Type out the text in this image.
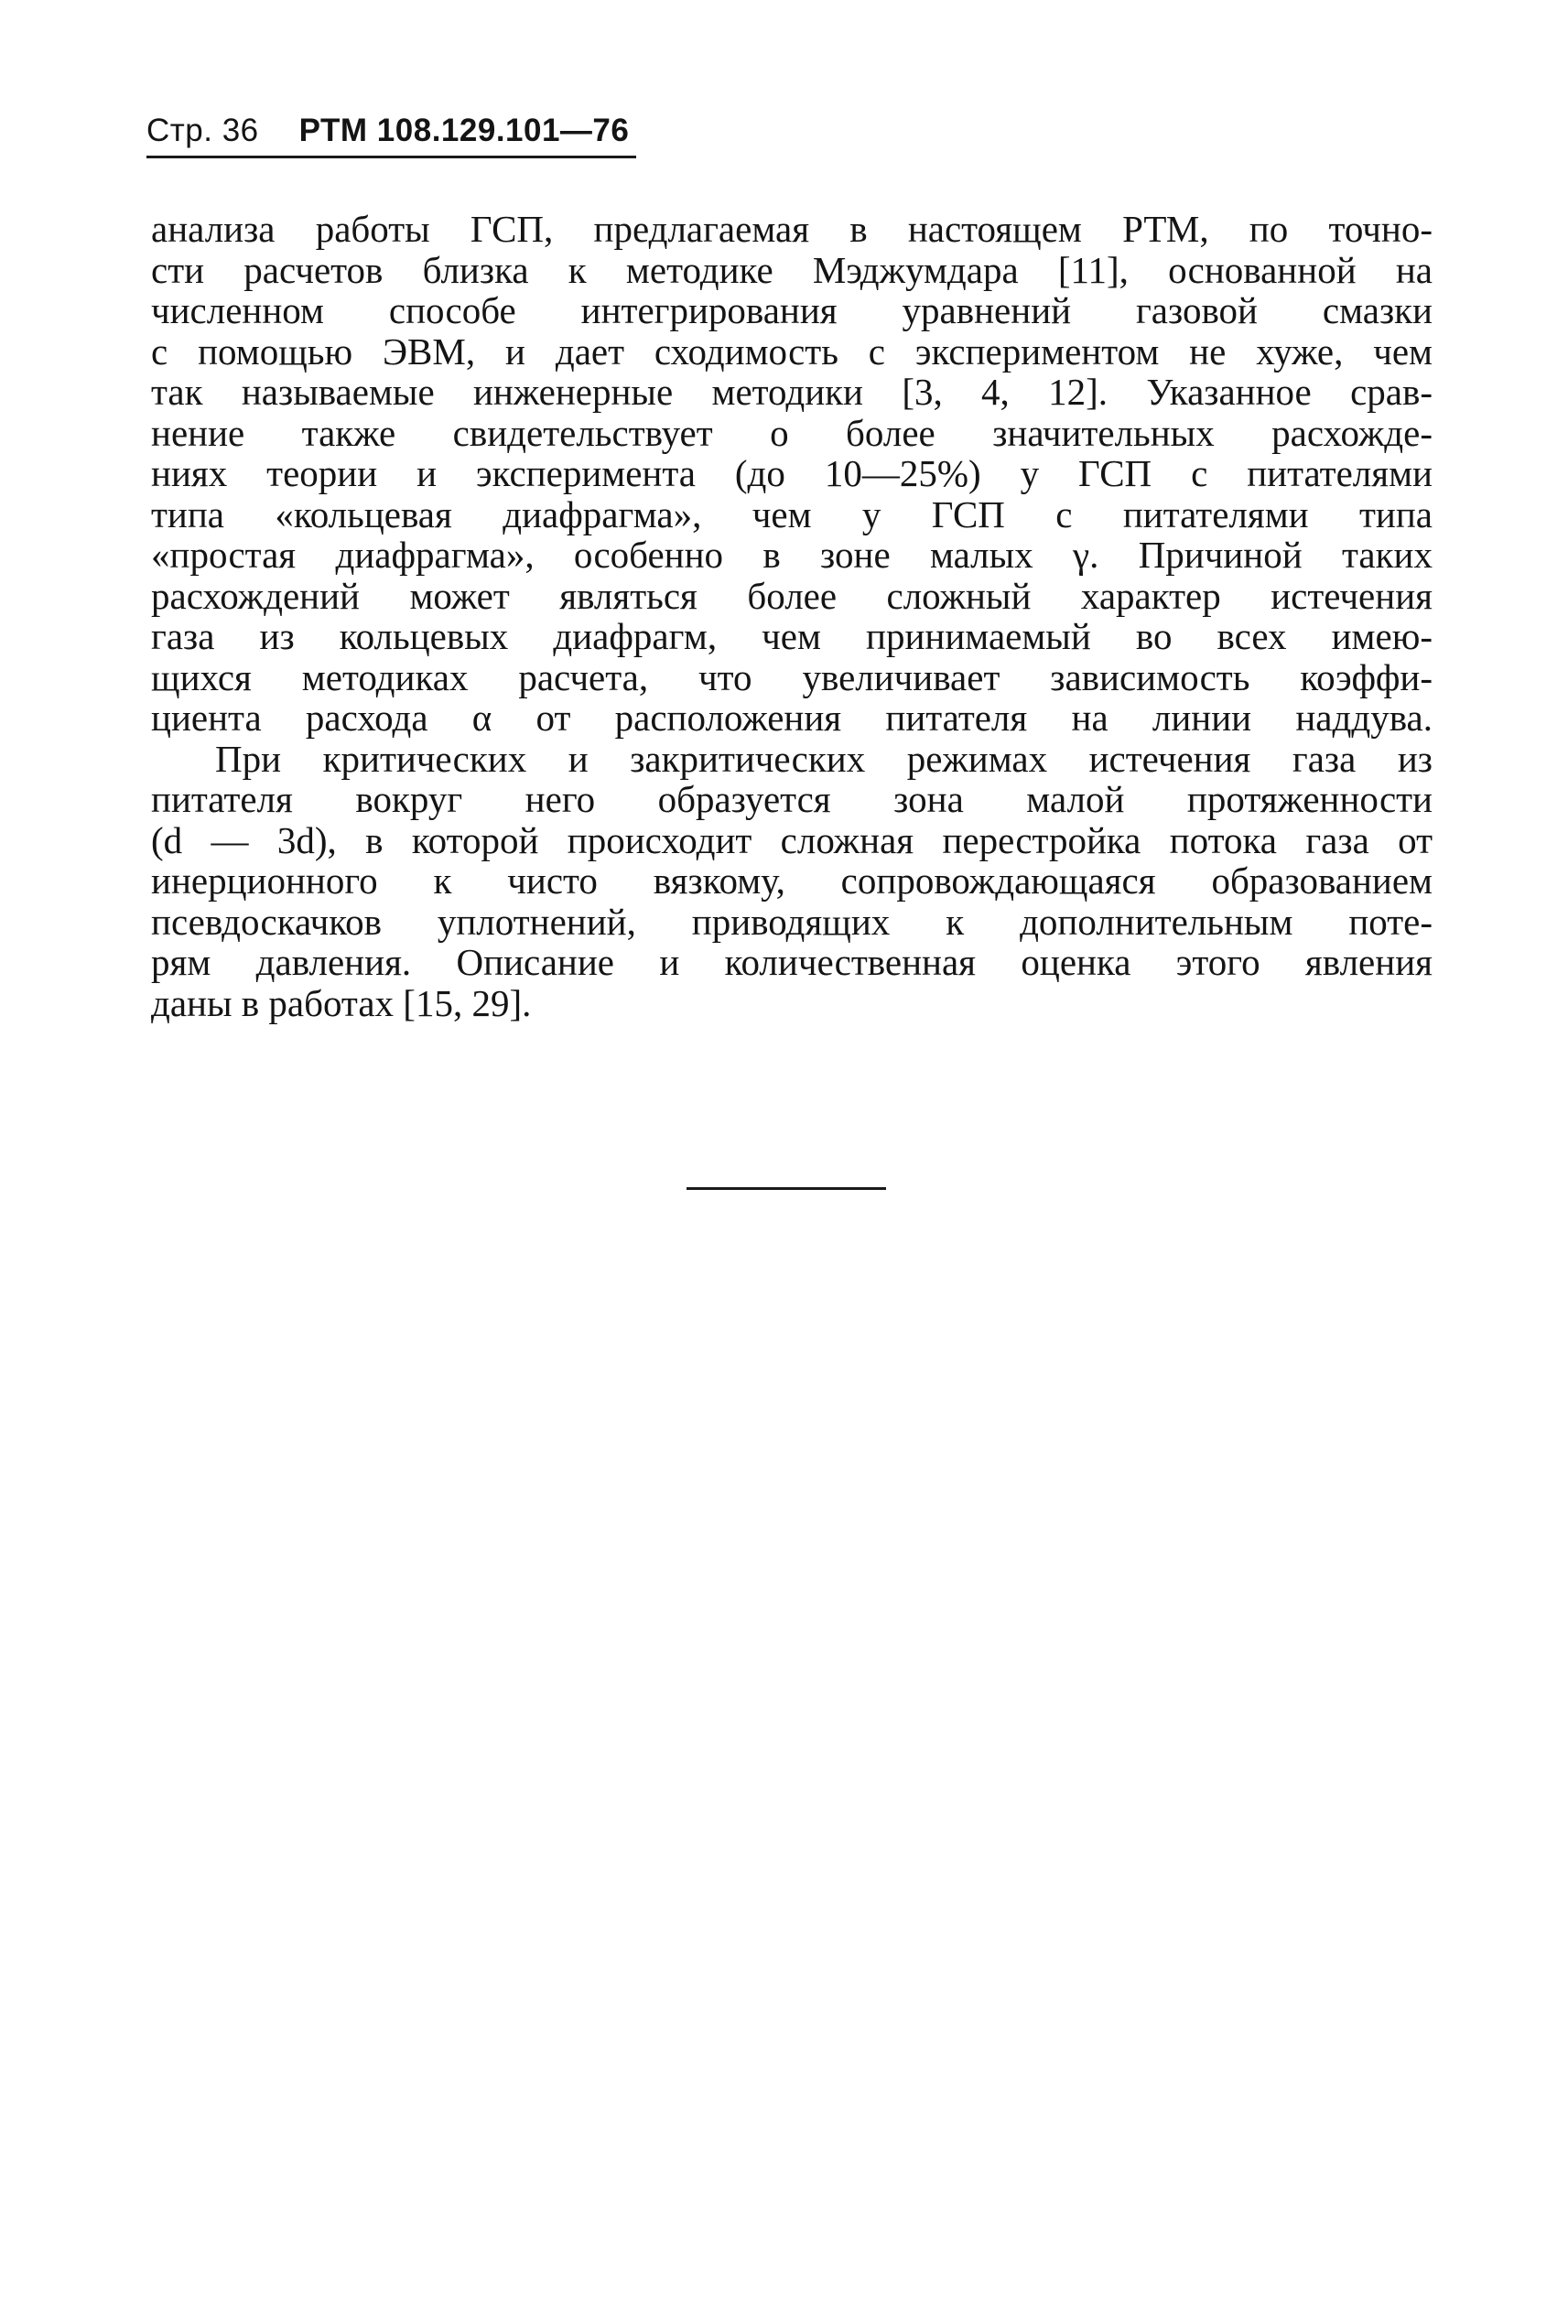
Стр. 36 РТМ 108.129.101—76
анализа работы ГСП, предлагаемая в настоящем РТМ, по точно-
сти расчетов близка к методике Мэджумдара [11], основанной на
численном способе интегрирования уравнений газовой смазки
с помощью ЭВМ, и дает сходимость с экспериментом не хуже, чем
так называемые инженерные методики [3, 4, 12]. Указанное срав-
нение также свидетельствует о более значительных расхожде-
ниях теории и эксперимента (до 10—25%) у ГСП с питателями
типа «кольцевая диафрагма», чем у ГСП с питателями типа
«простая диафрагма», особенно в зоне малых γ. Причиной таких
расхождений может являться более сложный характер истечения
газа из кольцевых диафрагм, чем принимаемый во всех имею-
щихся методиках расчета, что увеличивает зависимость коэффи-
циента расхода α от расположения питателя на линии наддува.
При критических и закритических режимах истечения газа из
питателя вокруг него образуется зона малой протяженности
(d — 3d), в которой происходит сложная перестройка потока газа от
инерционного к чисто вязкому, сопровождающаяся образованием
псевдоскачков уплотнений, приводящих к дополнительным поте-
рям давления. Описание и количественная оценка этого явления
даны в работах [15, 29].
